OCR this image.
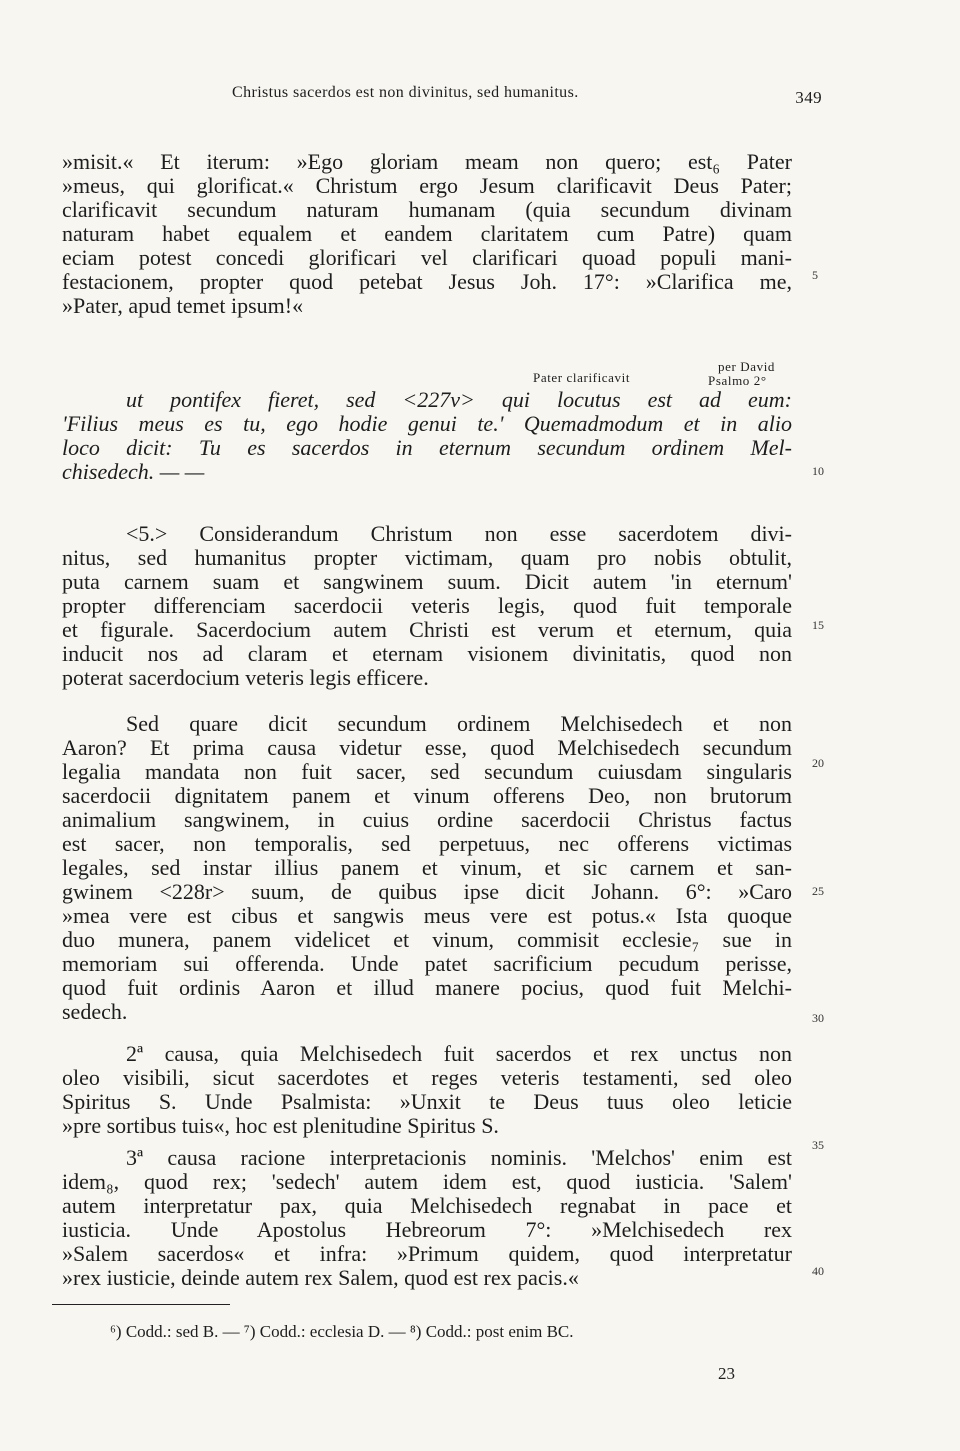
Christus sacerdos est non divinitus, sed humanitus.	349
»misit.« Et iterum: »Ego gloriam meam non quero; est₆ Pater
»meus, qui glorificat.« Christum ergo Jesum clarificavit Deus Pater;
clarificavit secundum naturam humanam (quia secundum divinam
naturam habet equalem et eandem claritatem cum Patre) quam
eciam potest concedi glorificari vel clarificari quoad populi mani-
festacionem, propter quod petebat Jesus Joh. 17°: »Clarifica me,
»Pater, apud temet ipsum!«
Pater clarificavit
per David
Psalmo 2°
ut pontifex fieret, sed <227v> qui locutus est ad eum:
'Filius meus es tu, ego hodie genui te.' Quemadmodum et in alio
loco dicit: Tu es sacerdos in eternum secundum ordinem Mel-
chisedech. — —
<5.> Considerandum Christum non esse sacerdotem divi-
nitus, sed humanitus propter victimam, quam pro nobis obtulit,
puta carnem suam et sangwinem suum. Dicit autem 'in eternum'
propter differenciam sacerdocii veteris legis, quod fuit temporale
et figurale. Sacerdocium autem Christi est verum et eternum, quia
inducit nos ad claram et eternam visionem divinitatis, quod non
poterat sacerdocium veteris legis efficere.
Sed quare dicit secundum ordinem Melchisedech et non
Aaron? Et prima causa videtur esse, quod Melchisedech secundum
legalia mandata non fuit sacer, sed secundum cuiusdam singularis
sacerdocii dignitatem panem et vinum offerens Deo, non brutorum
animalium sangwinem, in cuius ordine sacerdocii Christus factus
est sacer, non temporalis, sed perpetuus, nec offerens victimas
legales, sed instar illius panem et vinum, et sic carnem et san-
gwinem <228r> suum, de quibus ipse dicit Johann. 6°: »Caro
»mea vere est cibus et sangwis meus vere est potus.« Ista quoque
duo munera, panem videlicet et vinum, commisit ecclesie₇ sue in
memoriam sui offerenda. Unde patet sacrificium pecudum perisse,
quod fuit ordinis Aaron et illud manere pocius, quod fuit Melchi-
sedech.
2ª causa, quia Melchisedech fuit sacerdos et rex unctus non
oleo visibili, sicut sacerdotes et reges veteris testamenti, sed oleo
Spiritus S. Unde Psalmista: »Unxit te Deus tuus oleo leticie
»pre sortibus tuis«, hoc est plenitudine Spiritus S.
3ª causa racione interpretacionis nominis. 'Melchos' enim est
idem₈, quod rex; 'sedech' autem idem est, quod iusticia. 'Salem'
autem interpretatur pax, quia Melchisedech regnabat in pace et
iusticia. Unde Apostolus Hebreorum 7°: »Melchisedech rex
»Salem sacerdos« et infra: »Primum quidem, quod interpretatur
»rex iusticie, deinde autem rex Salem, quod est rex pacis.«
5
10
15
20
25
30
35
40
⁶) Codd.: sed B. — ⁷) Codd.: ecclesia D. — ⁸) Codd.: post enim BC.
23
